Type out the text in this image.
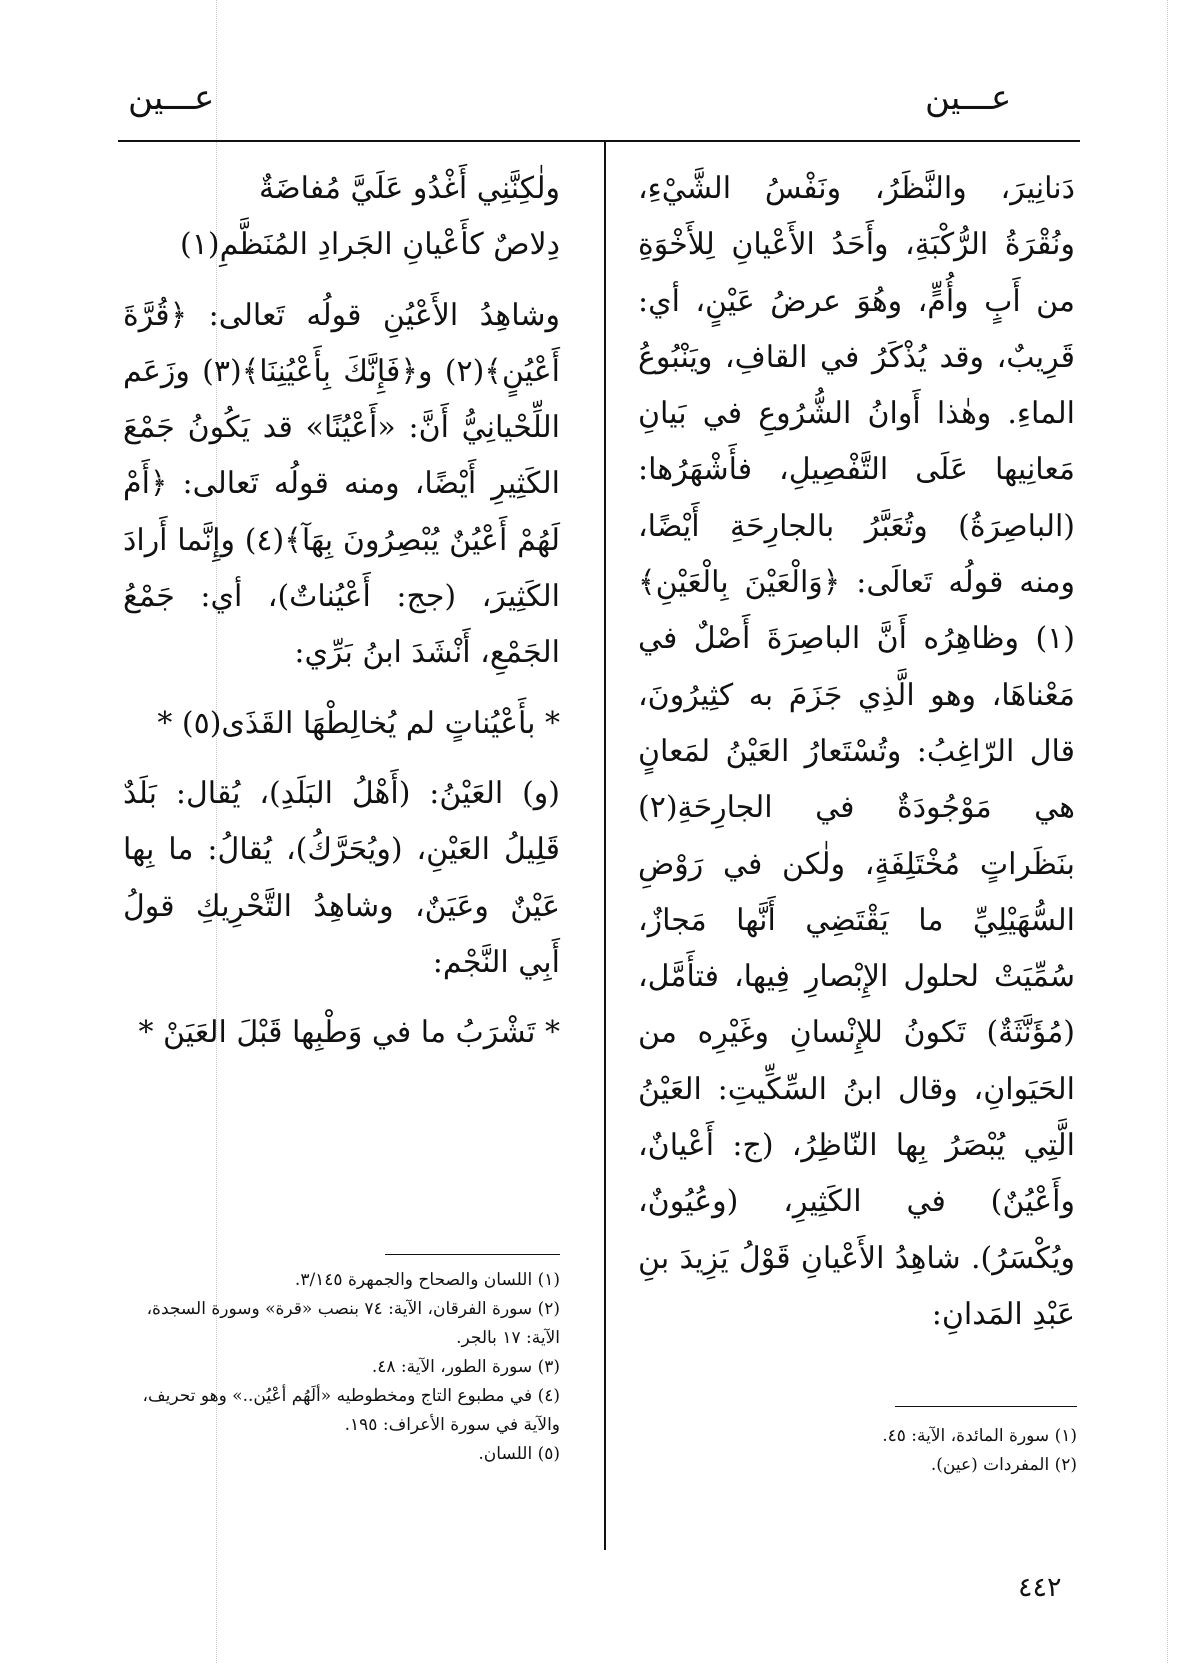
عـــين
عـــين

دَنانِيرَ، والنَّظَرُ، ونَفْسُ الشَّيْءِ، ونُقْرَةُ الرُّكْبَةِ، وأَحَدُ الأَعْيانِ لِلأَخْوَةِ من أَبٍ وأُمٍّ، وهُوَ عرضُ عَيْنٍ، أي: قَرِيبٌ، وقد يُذْكَرُ في القافِ، ويَنْبُوعُ الماءِ. وهٰذا أَوانُ الشُّرُوعِ في بَيانِ مَعانِيها عَلَى التَّفْصِيلِ، فأَشْهَرُها: (الباصِرَةُ) وتُعَبَّرُ بالجارِحَةِ أَيْضًا، ومنه قولُه تَعالَى: ﴿وَالْعَيْنَ بِالْعَيْنِ﴾(١) وظاهِرُه أَنَّ الباصِرَةَ أَصْلٌ في مَعْناهَا، وهو الَّذِي جَزَمَ به كثِيرُونَ، قال الرّاغِبُ: وتُسْتَعارُ العَيْنُ لمَعانٍ هي مَوْجُودَةٌ في الجارِحَةِ(٢) بنَظَراتٍ مُخْتَلِفَةٍ، ولٰكن في رَوْضِ السُّهَيْلِيِّ ما يَقْتَضِي أَنَّها مَجازٌ، سُمِّيَتْ لحلول الإِبْصارِ فِيها، فتأَمَّل، (مُؤَنَّثَةٌ) تَكونُ للإِنْسانِ وغَيْرِه من الحَيَوانِ، وقال ابنُ السِّكِّيتِ: العَيْنُ الَّتِي يُبْصَرُ بِها النّاظِرُ، (ج: أَعْيانٌ، وأَعْيُنٌ) في الكَثِيرِ، (وعُيُونٌ، ويُكْسَرُ). شاهِدُ الأَعْيانِ قَوْلُ يَزِيدَ بنِ عَبْدِ المَدانِ:

(١) سورة المائدة، الآية: ٤٥.
(٢) المفردات (عين).

ولٰكِنَّنِي أَغْدُو عَلَيَّ مُفاضَةٌ

دِلاصٌ كأَعْيانِ الجَرادِ المُنَظَّمِ(١)

وشاهِدُ الأَعْيُنِ قولُه تَعالى: ﴿قُرَّةَ أَعْيُنٍ﴾(٢) و﴿فَإِنَّكَ بِأَعْيُنِنَا﴾(٣) وزَعَم اللِّحْيانِيُّ أَنَّ: «أَعْيُنًا» قد يَكُونُ جَمْعَ الكَثِيرِ أَيْضًا، ومنه قولُه تَعالى: ﴿أَمْ لَهُمْ أَعْيُنٌ يُبْصِرُونَ بِهَآ﴾(٤) وإِنَّما أَرادَ الكَثِيرَ، (جج: أَعْيُناتٌ)، أي: جَمْعُ الجَمْعِ، أَنْشَدَ ابنُ بَرِّي:

* بأَعْيُناتٍ لم يُخالِطْهَا القَذَى(٥) *

(و) العَيْنُ: (أَهْلُ البَلَدِ)، يُقال: بَلَدٌ قَلِيلُ العَيْنِ، (ويُحَرَّكُ)، يُقالُ: ما بِها عَيْنٌ وعَيَنٌ، وشاهِدُ التَّحْرِيكِ قولُ أَبِي النَّجْم:

* تَشْرَبُ ما في وَطْبِها قَبْلَ العَيَنْ *

(١) اللسان والصحاح والجمهرة ٣/١٤٥.
(٢) سورة الفرقان، الآية: ٧٤ بنصب «قرة» وسورة السجدة، الآية: ١٧ بالجر.
(٣) سورة الطور، الآية: ٤٨.
(٤) في مطبوع التاج ومخطوطيه «ألَهُم أعْيُن..» وهو تحريف، والآية في سورة الأعراف: ١٩٥.
(٥) اللسان.
٤٤٢
